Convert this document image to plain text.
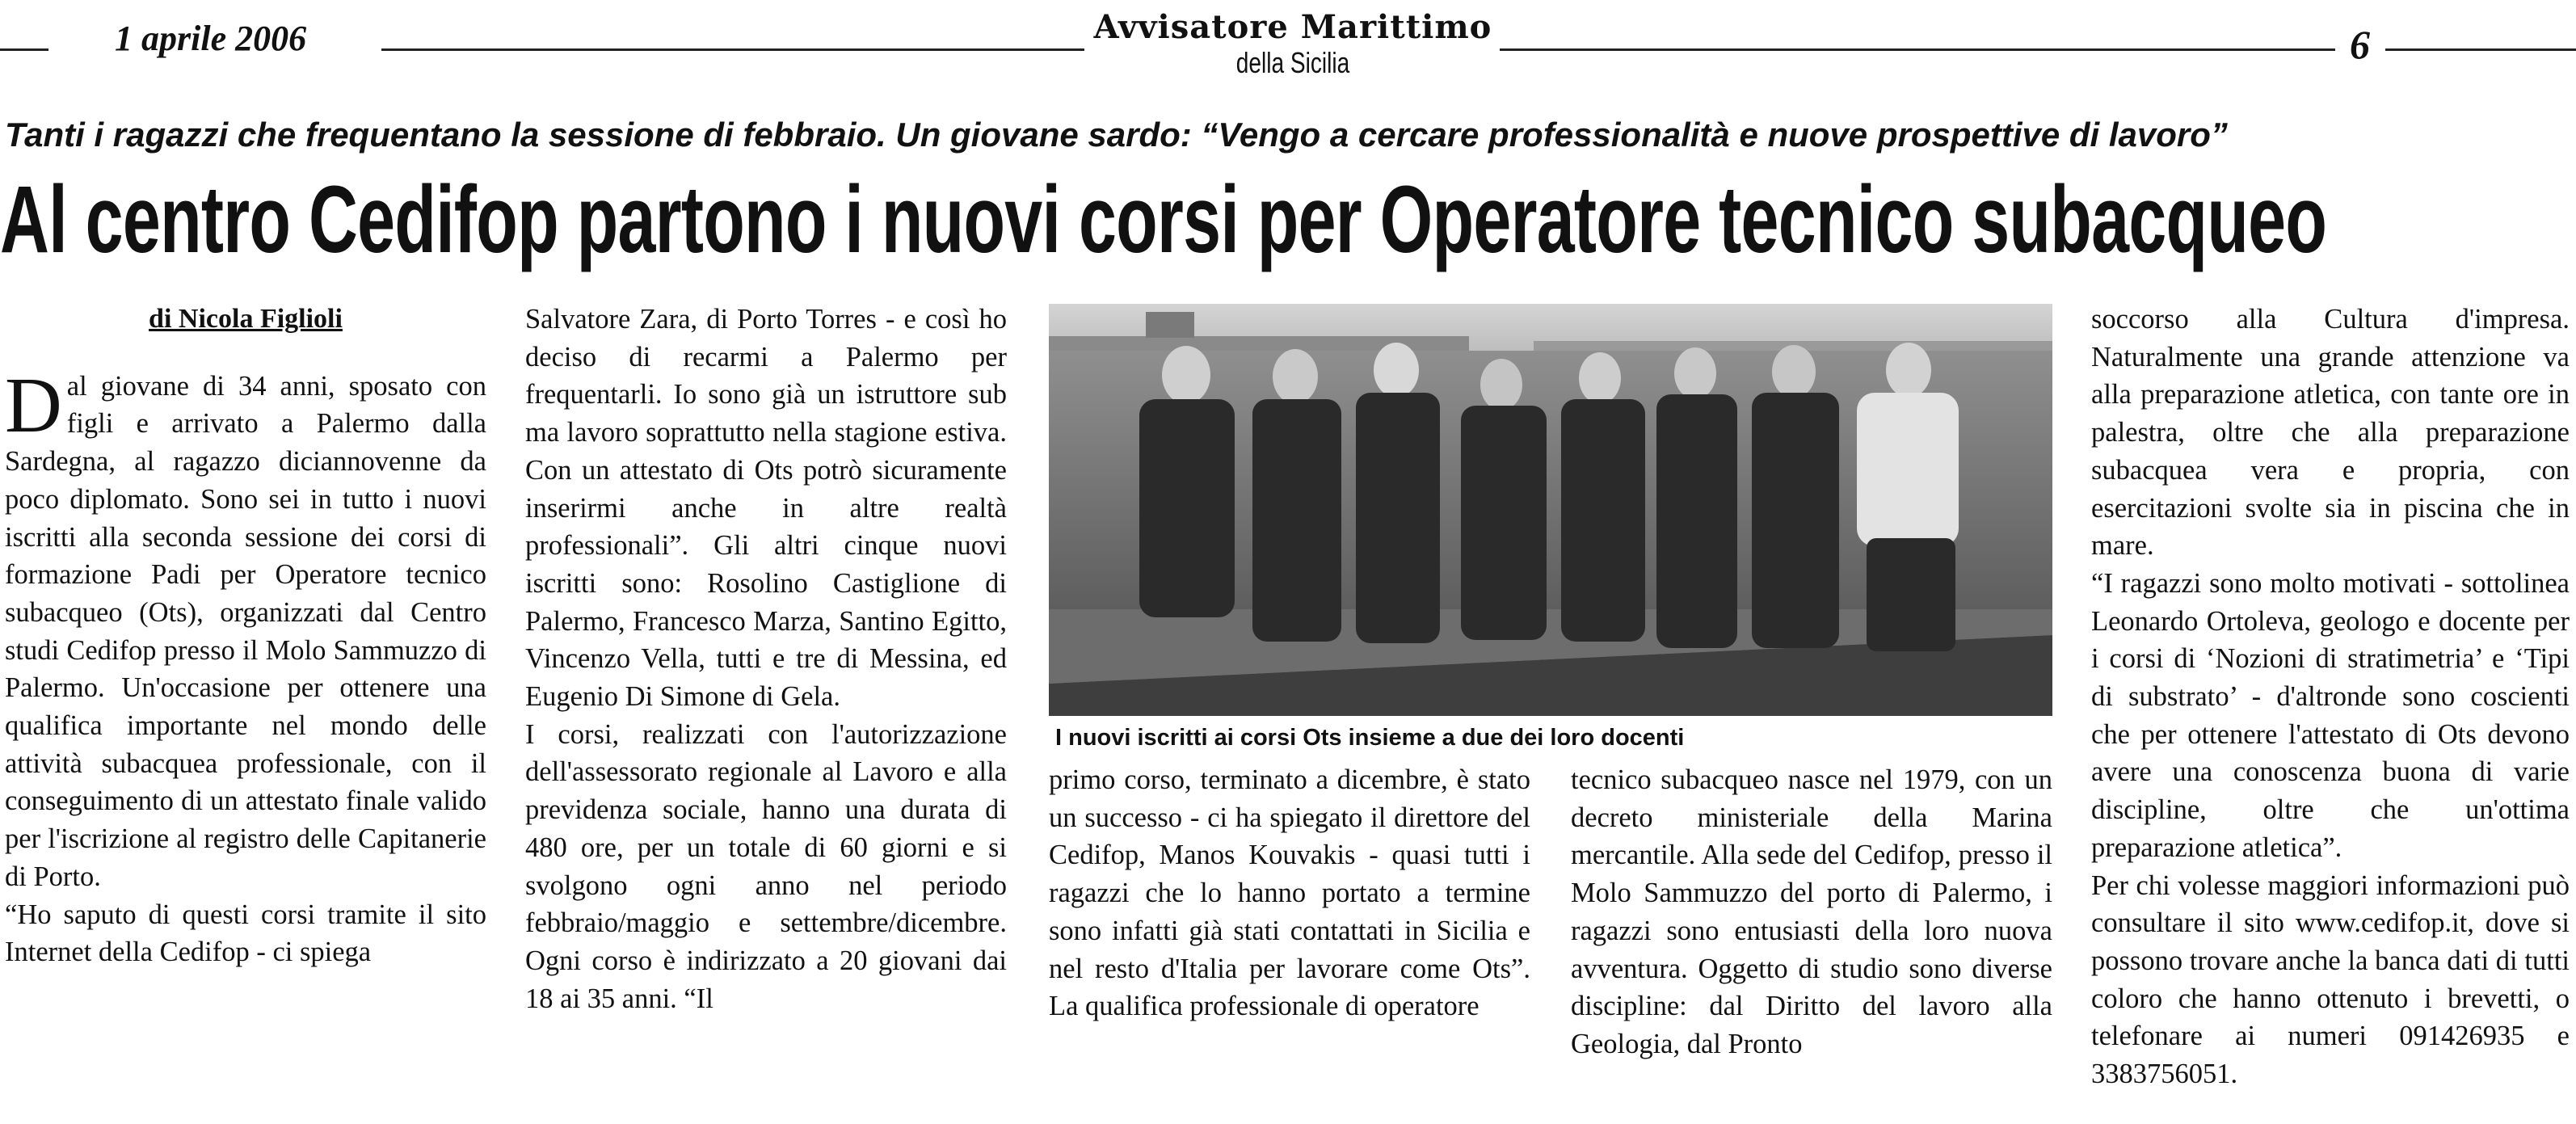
1 aprile 2006	Avvisatore Marittimo
della Sicilia	6
Tanti i ragazzi che frequentano la sessione di febbraio. Un giovane sardo: “Vengo a cercare professionalità e nuove prospettive di lavoro”
Al centro Cedifop partono i nuovi corsi per Operatore tecnico subacqueo

di Nicola Figlioli

Dal giovane di 34 anni, sposato con figli e arrivato a Palermo dalla Sardegna, al ragazzo diciannovenne da poco diplomato. Sono sei in tutto i nuovi iscritti alla seconda sessione dei corsi di formazione Padi per Operatore tecnico subacqueo (Ots), organizzati dal Centro studi Cedifop presso il Molo Sammuzzo di Palermo. Un'occasione per ottenere una qualifica importante nel mondo delle attività subacquea professionale, con il conseguimento di un attestato finale valido per l'iscrizione al registro delle Capitanerie di Porto.

“Ho saputo di questi corsi tramite il sito Internet della Cedifop - ci spiega

Salvatore Zara, di Porto Torres - e così ho deciso di recarmi a Palermo per frequentarli. Io sono già un istruttore sub ma lavoro soprattutto nella stagione estiva. Con un attestato di Ots potrò sicuramente inserirmi anche in altre realtà professionali”. Gli altri cinque nuovi iscritti sono: Rosolino Castiglione di Palermo, Francesco Marza, Santino Egitto, Vincenzo Vella, tutti e tre di Messina, ed Eugenio Di Simone di Gela.

I corsi, realizzati con l'autorizzazione dell'assessorato regionale al Lavoro e alla previdenza sociale, hanno una durata di 480 ore, per un totale di 60 giorni e si svolgono ogni anno nel periodo febbraio/maggio e settembre/dicembre. Ogni corso è indirizzato a 20 giovani dai 18 ai 35 anni. “Il

I nuovi iscritti ai corsi Ots insieme a due dei loro docenti

primo corso, terminato a dicembre, è stato un successo - ci ha spiegato il direttore del Cedifop, Manos Kouvakis - quasi tutti i ragazzi che lo hanno portato a termine sono infatti già stati contattati in Sicilia e nel resto d'Italia per lavorare come Ots”. La qualifica professionale di operatore

tecnico subacqueo nasce nel 1979, con un decreto ministeriale della Marina mercantile. Alla sede del Cedifop, presso il Molo Sammuzzo del porto di Palermo, i ragazzi sono entusiasti della loro nuova avventura. Oggetto di studio sono diverse discipline: dal Diritto del lavoro alla Geologia, dal Pronto

soccorso alla Cultura d'impresa. Naturalmente una grande attenzione va alla preparazione atletica, con tante ore in palestra, oltre che alla preparazione subacquea vera e propria, con esercitazioni svolte sia in piscina che in mare.

“I ragazzi sono molto motivati - sottolinea Leonardo Ortoleva, geologo e docente per i corsi di ‘Nozioni di stratimetria’ e ‘Tipi di substrato’ - d'altronde sono coscienti che per ottenere l'attestato di Ots devono avere una conoscenza buona di varie discipline, oltre che un'ottima preparazione atletica”.

Per chi volesse maggiori informazioni può consultare il sito www.cedifop.it, dove si possono trovare anche la banca dati di tutti coloro che hanno ottenuto i brevetti, o telefonare ai numeri 091426935 e 3383756051.
